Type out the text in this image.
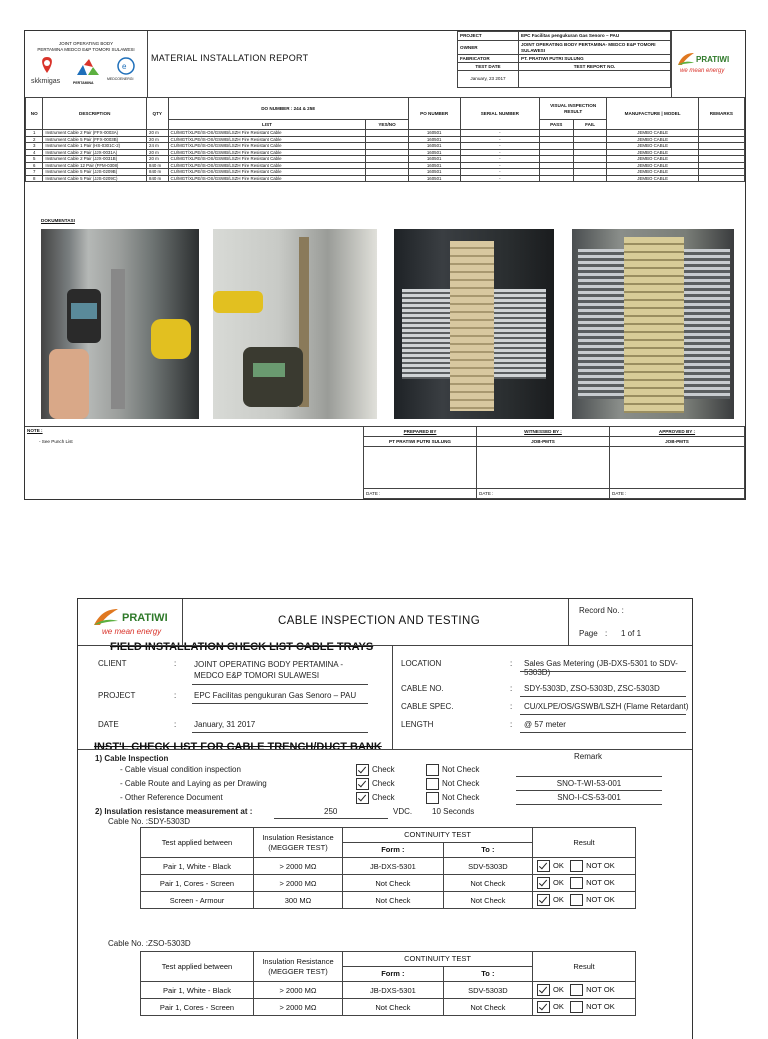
JOINT OPERATING BODY
PERTAMINA MEDCO E&P TOMORI SULAWESI
e
skkmigas	PERTAMINA
MEDCOENERGI
MATERIAL INSTALLATION REPORT
PROJECT	EPC Facilitas pengukuran Gas Senoro – PAU
OWNER	JOINT OPERATING BODY PERTAMINA- MEDCO E&P TOMORI SULAWESI
FABRICATOR	PT. PRATIWI PUTRI SULUNG
TEST DATE	TEST REPORT NO.
January, 23 2017	
PRATIWI
we mean energy
NO	DESCRIPTION	QTY	DO NUMBER : 244 & 258		PO NUMBER	SERIAL NUMBER	VISUAL INSPECTION RESULT		MANUFACTURE | MODEL	REMARKS
			LIST	YES/NO			PASS	FAIL		
1	Instrument Cable 2 Pair (FFX-0003A)	20 m	CU/MGT/XLPE/IS-OS/GSWB/LSZH Fire Resistant Cable		160501	-			JEMBO CABLE	
2	Instrument Cable 5 Pair (FFX-0003B)	20 m	CU/MGT/XLPE/IS-OS/GSWB/LSZH Fire Resistant Cable		160501	-			JEMBO CABLE	
3	Instrument Cable 1 Pair (HS-0301C-2)	24 m	CU/MGT/XLPE/IS-OS/GSWB/LSZH Fire Resistant Cable		160501	-			JEMBO CABLE	
4	Instrument Cable 2 Pair (JJX-0031A)	20 m	CU/MGT/XLPE/IS-OS/GSWB/LSZH Fire Resistant Cable		160501	-			JEMBO CABLE	
5	Instrument Cable 2 Pair (JJX-0031B)	20 m	CU/MGT/XLPE/IS-OS/GSWB/LSZH Fire Resistant Cable		160501	-			JEMBO CABLE	
6	Instrument Cable 12 Pair (FFM-0308)	840 m	CU/MGT/XLPE/IS-OS/GSWB/LSZH Fire Resistant Cable		160501	-			JEMBO CABLE	
7	Instrument Cable 5 Pair (JJS-0209B)	840 m	CU/MGT/XLPE/IS-OS/GSWB/LSZH Fire Resistant Cable		160501	-			JEMBO CABLE	
8	Instrument Cable 5 Pair (JJS-0209C)	840 m	CU/MGT/XLPE/IS-OS/GSWB/LSZH Fire Resistant Cable		160501	-			JEMBO CABLE	

DOKUMENTASI
NOTE :
- See Punch List
PREPARED BY	WITNESSED BY :	APPROVED BY :
PT PRATIWI PUTRI SULUNG	JOB-PMTS	JOB-PMTS

DATE :	DATE :	DATE :
PRATIWI
we mean energy
CABLE INSPECTION AND TESTING
FIELD INSTALLATION CHECK LIST CABLE TRAYS
Record No. :
Page : 1 of 1
CLIENT	: JOINT OPERATING BODY PERTAMINA - MEDCO E&P TOMORI SULAWESI
PROJECT	: EPC Facilitas pengukuran Gas Senoro – PAU
DATE	: January, 31 2017
LOCATION	: Sales Gas Metering (JB-DXS-5301 to SDV-5303D)
CABLE NO.	: SDY-5303D, ZSO-5303D, ZSC-5303D
CABLE SPEC.	: CU/XLPE/OS/GSWB/LSZH (Flame Retardant)
LENGTH	: @ 57 meter
INST'L CHECK LIST FOR CABLE TRENCH/DUCT BANK
Remark
1) Cable Inspection
- Cable visual condition inspection	Check	Not Check
- Cable Route and Laying as per Drawing	Check	Not Check	SNO-T-WI-53-001
- Other Reference Document	Check	Not Check	SNO-I-CS-53-001
2) Insulation resistance measurement at :	250	VDC. 10 Seconds
Cable No. :SDY-5303D
Test applied between	Insulation Resistance (MEGGER TEST)	CONTINUITY TEST		Result
		Form :	To :	
Pair 1, White - Black	> 2000 MΩ	JB-DXS-5301	SDV-5303D	OK NOT OK
Pair 1, Cores - Screen	> 2000 MΩ	Not Check	Not Check	OK NOT OK
Screen - Armour	300 MΩ	Not Check	Not Check	OK NOT OK
Cable No. :ZSO-5303D
Test applied between	Insulation Resistance (MEGGER TEST)	CONTINUITY TEST		Result
		Form :	To :	
Pair 1, White - Black	> 2000 MΩ	JB-DXS-5301	SDV-5303D	OK NOT OK
Pair 1, Cores - Screen	> 2000 MΩ	Not Check	Not Check	OK NOT OK
